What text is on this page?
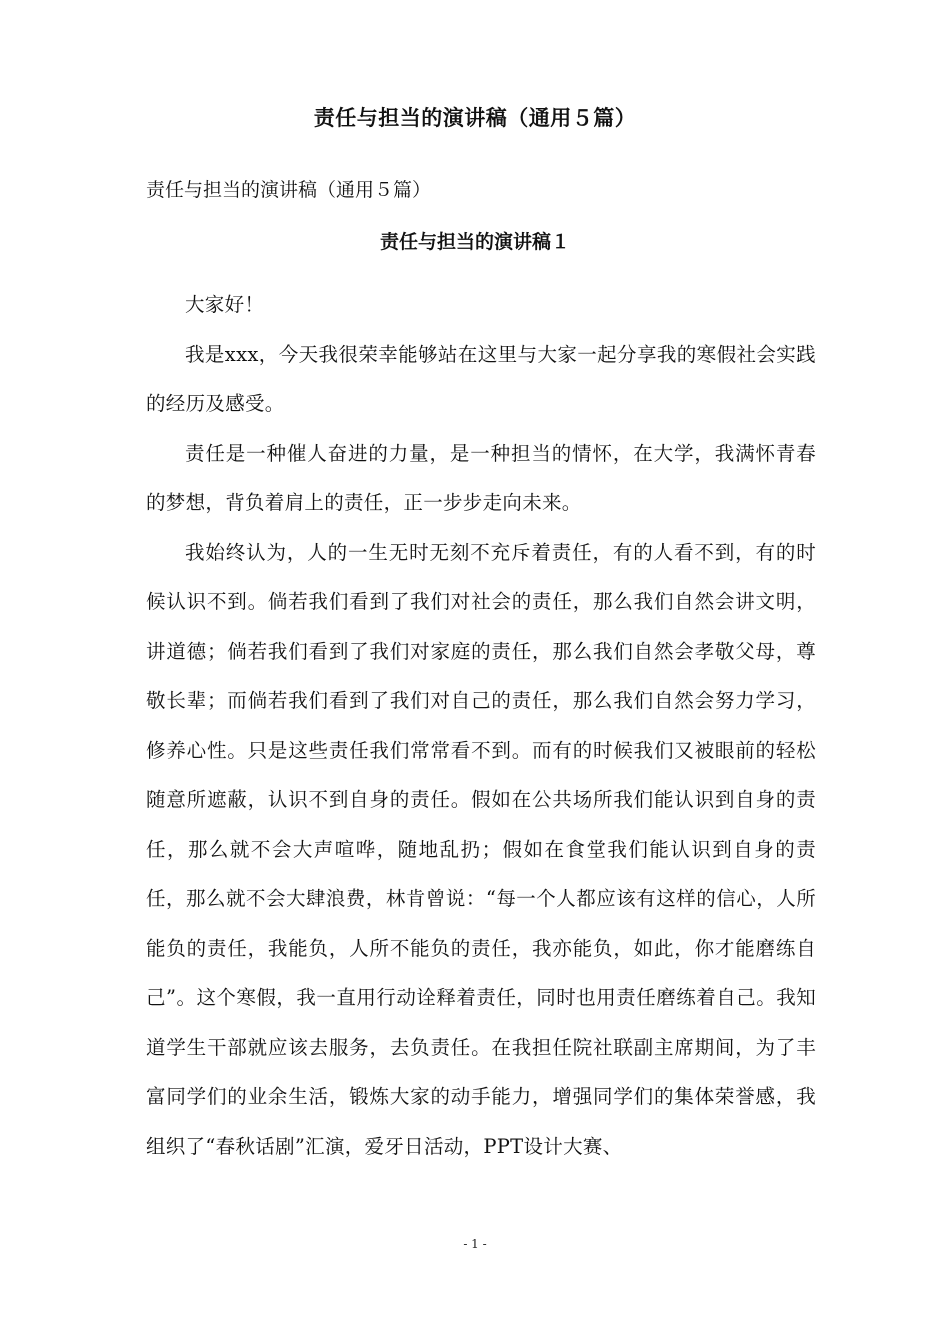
责任与担当的演讲稿（通用５篇）
责任与担当的演讲稿（通用５篇）
责任与担当的演讲稿１

大家好！

我是xxx，今天我很荣幸能够站在这里与大家一起分享我的寒假社会实践的经历及感受。

责任是一种催人奋进的力量，是一种担当的情怀，在大学，我满怀青春的梦想，背负着肩上的责任，正一步步走向未来。

我始终认为，人的一生无时无刻不充斥着责任，有的人看不到，有的时候认识不到。倘若我们看到了我们对社会的责任，那么我们自然会讲文明，讲道德；倘若我们看到了我们对家庭的责任，那么我们自然会孝敬父母，尊敬长辈；而倘若我们看到了我们对自己的责任，那么我们自然会努力学习，修养心性。只是这些责任我们常常看不到。而有的时候我们又被眼前的轻松随意所遮蔽，认识不到自身的责任。假如在公共场所我们能认识到自身的责任，那么就不会大声喧哗，随地乱扔；假如在食堂我们能认识到自身的责任，那么就不会大肆浪费，林肯曾说：“每一个人都应该有这样的信心，人所能负的责任，我能负，人所不能负的责任，我亦能负，如此，你才能磨练自己”。这个寒假，我一直用行动诠释着责任，同时也用责任磨练着自己。我知道学生干部就应该去服务，去负责任。在我担任院社联副主席期间，为了丰富同学们的业余生活，锻炼大家的动手能力，增强同学们的集体荣誉感，我组织了“春秋话剧”汇演，爱牙日活动，PPT设计大赛、

- 1 -
